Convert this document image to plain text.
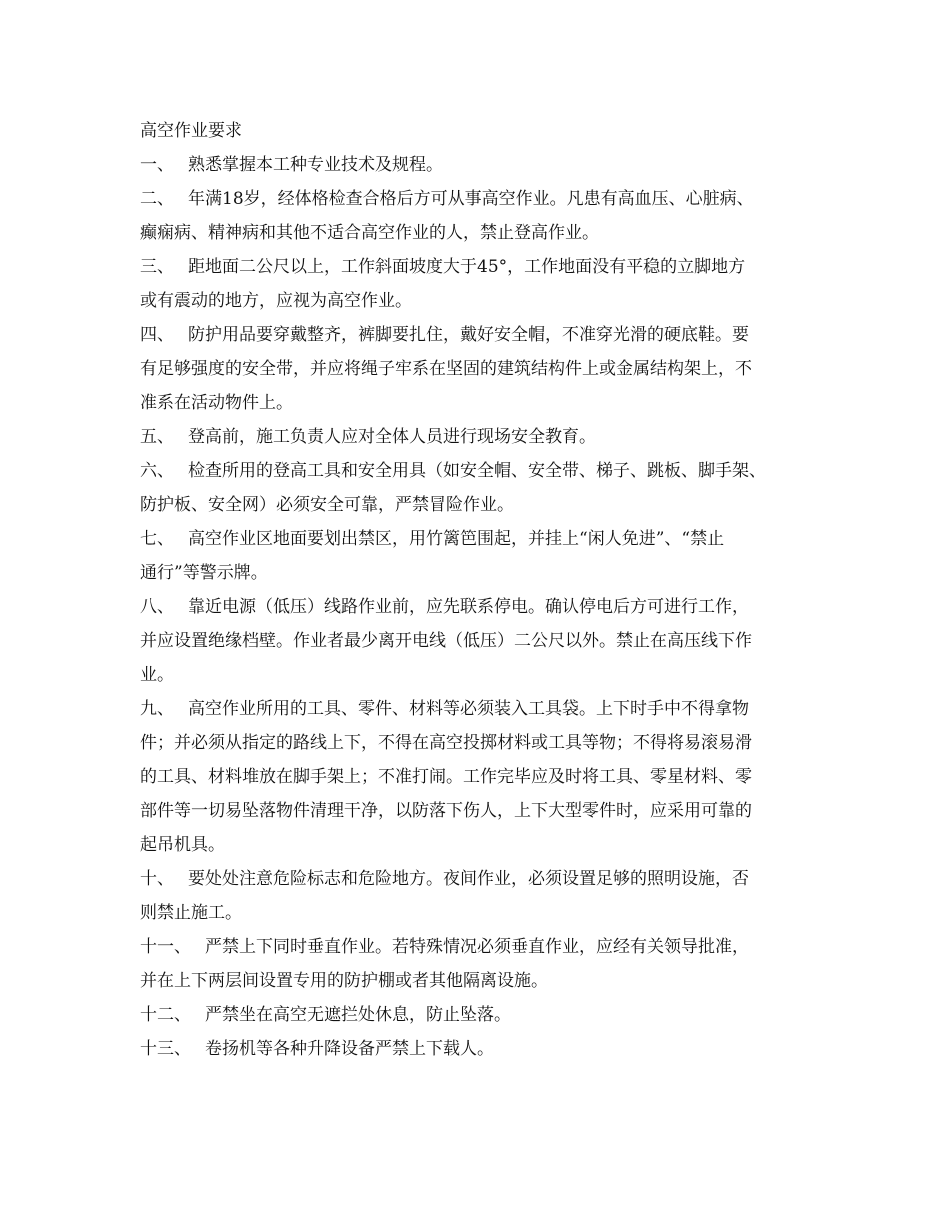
高空作业要求
一、 熟悉掌握本工种专业技术及规程。
二、 年满18岁，经体格检查合格后方可从事高空作业。凡患有高血压、心脏病、
癫痫病、精神病和其他不适合高空作业的人，禁止登高作业。
三、 距地面二公尺以上，工作斜面坡度大于45°，工作地面没有平稳的立脚地方
或有震动的地方，应视为高空作业。
四、 防护用品要穿戴整齐，裤脚要扎住，戴好安全帽，不准穿光滑的硬底鞋。要
有足够强度的安全带，并应将绳子牢系在坚固的建筑结构件上或金属结构架上，不
准系在活动物件上。
五、 登高前，施工负责人应对全体人员进行现场安全教育。
六、 检查所用的登高工具和安全用具（如安全帽、安全带、梯子、跳板、脚手架、
防护板、安全网）必须安全可靠，严禁冒险作业。
七、 高空作业区地面要划出禁区，用竹篱笆围起，并挂上“闲人免进”、“禁止
通行”等警示牌。
八、 靠近电源（低压）线路作业前，应先联系停电。确认停电后方可进行工作，
并应设置绝缘档壁。作业者最少离开电线（低压）二公尺以外。禁止在高压线下作
业。
九、 高空作业所用的工具、零件、材料等必须装入工具袋。上下时手中不得拿物
件；并必须从指定的路线上下，不得在高空投掷材料或工具等物；不得将易滚易滑
的工具、材料堆放在脚手架上；不准打闹。工作完毕应及时将工具、零星材料、零
部件等一切易坠落物件清理干净，以防落下伤人，上下大型零件时，应采用可靠的
起吊机具。
十、 要处处注意危险标志和危险地方。夜间作业，必须设置足够的照明设施，否
则禁止施工。
十一、 严禁上下同时垂直作业。若特殊情况必须垂直作业，应经有关领导批准，
并在上下两层间设置专用的防护棚或者其他隔离设施。
十二、 严禁坐在高空无遮拦处休息，防止坠落。
十三、 卷扬机等各种升降设备严禁上下载人。
